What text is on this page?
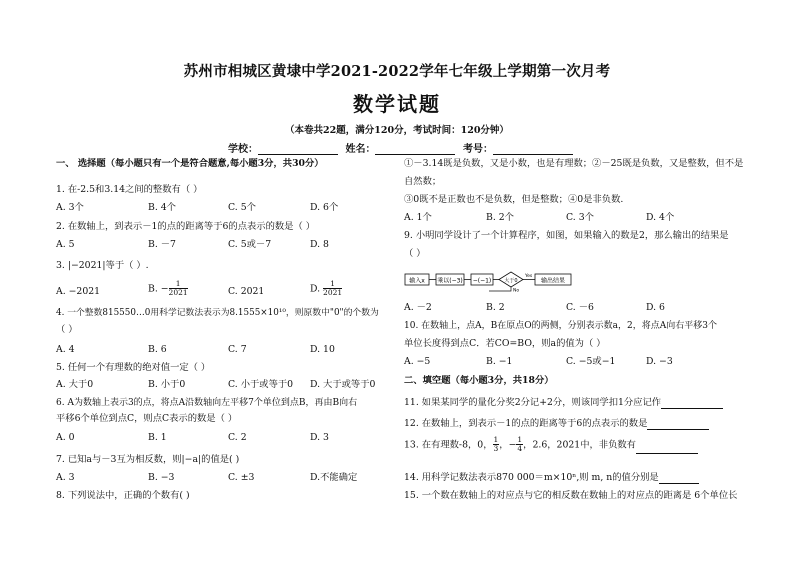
苏州市相城区黄埭中学2021-2022学年七年级上学期第一次月考
数学试题
（本卷共22题，满分120分，考试时间：120分钟）
学校：	姓名：	考号：
一、 选择题（每小题只有一个是符合题意,每小题3分，共30分）
1. 在-2.5和3.14之间的整数有（ ）
A. 3个	B. 4个	C. 5个	D. 6个
2. 在数轴上，到表示－1的点的距离等于6的点表示的数是（ ）
A. 5	B. －7	C. 5或－7	D. 8
3. |−2021|等于（ ）.
A. −2021	B. − $\frac{1}{2021}$	C. 2021	D. $\frac{1}{2021}$
4. 一个整数815550…0用科学记数法表示为8.1555×10¹⁰，则原数中"0"的个数为
（ ）
A. 4	B. 6	C. 7	D. 10
5. 任何一个有理数的绝对值一定（ ）
A. 大于0	B. 小于0	C. 小于或等于0 D. 大于或等于0
6. A为数轴上表示3的点，将点A沿数轴向左平移7个单位到点B，再由B向右
平移6个单位到点C，则点C表示的数是（ ）
A. 0	B. 1	C. 2	D. 3
7. 已知a与－3互为相反数，则|−a|的值是( )
A. 3	B. −3	C. ±3	D.不能确定
8. 下列说法中，正确的个数有( )
①－3.14既是负数，又是小数，也是有理数；②－25既是负数，又是整数，但不是
自然数；
③0既不是正数也不是负数，但是整数；④0是非负数.
A. 1个	B. 2个	C. 3个	D. 4个
9. 小明同学设计了一个计算程序，如图，如果输入的数是2，那么输出的结果是
（ ）
A. －2	B. 2	C. －6	D. 6
10. 在数轴上，点A，B在原点O的两侧，分别表示数a，2，将点A向右平移3个
单位长度得到点C．若CO=BO，则a的值为（ ）
A. −5	B. −1	C. −5或−1	D. −3
二、填空题（每小题3分，共18分）
11. 如果某同学的量化分奖2分记+2分，则该同学扣1分应记作
12. 在数轴上，到表示－1的点的距离等于6的点表示的数是
13. 在有理数-8，0， $\frac{1}{3}$ ，− $\frac{1}{4}$ ，2.6，2021中，非负数有
14. 用科学记数法表示870 000＝m×10ⁿ,则 m, n的值分别是
15. 一个数在数轴上的对应点与它的相反数在数轴上的对应点的距离是 6个单位长
输入x 乘以(−3) −(−1)	大于0
Yes
输出结果
No
